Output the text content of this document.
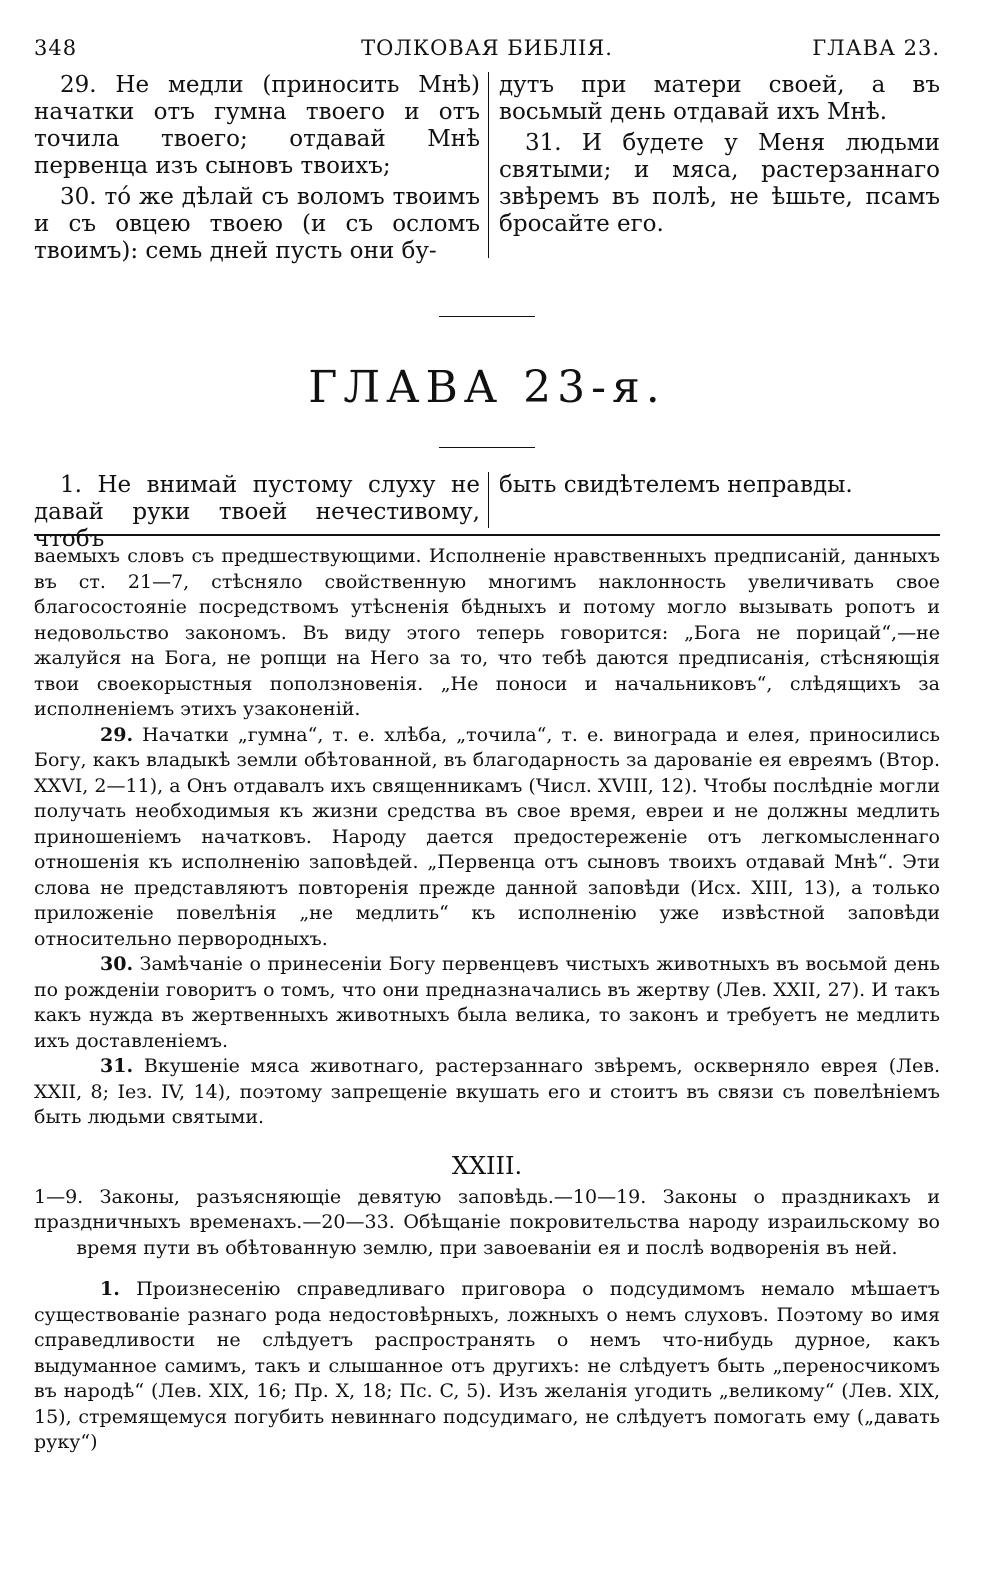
348	ТОЛКОВАЯ БИБЛІЯ.	ГЛАВА 23.

29. Не медли (приносить Мнѣ) начатки отъ гумна твоего и отъ точила твоего; отдавай Мнѣ первенца изъ сыновъ твоихъ;

30. то́ же дѣлай съ воломъ твоимъ и съ овцею твоею (и съ осломъ твоимъ): семь дней пусть они бу-

дутъ при матери своей, а въ восьмый день отдавай ихъ Мнѣ.

31. И будете у Меня людьми святыми; и мяса, растерзаннаго звѣремъ въ полѣ, не ѣшьте, псамъ бросайте его.

ГЛАВА 23-я.

1. Не внимай пустому слуху не давай руки твоей нечестивому, чтобъ

быть свидѣтелемъ неправды.

ваемыхъ словъ съ предшествующими. Исполненіе нравственныхъ предписаній, данныхъ въ ст. 21—7, стѣсняло свойственную многимъ наклонность увеличивать свое благосостояніе посредствомъ утѣсненія бѣдныхъ и потому могло вызывать ропотъ и недовольство закономъ. Въ виду этого теперь говорится: „Бога не порицай“,—не жалуйся на Бога, не ропщи на Него за то, что тебѣ даются предписанія, стѣсняющія твои своекорыстныя поползновенія. „Не поноси и начальниковъ“, слѣдящихъ за исполненіемъ этихъ узаконеній.

29. Начатки „гумна“, т. е. хлѣба, „точила“, т. е. винограда и елея, приносились Богу, какъ владыкѣ земли обѣтованной, въ благодарность за дарованіе ея евреямъ (Втор. XXVI, 2—11), а Онъ отдавалъ ихъ священникамъ (Числ. XVIII, 12). Чтобы послѣдніе могли получать необходимыя къ жизни средства въ свое время, евреи и не должны медлить приношеніемъ начатковъ. Народу дается предостереженіе отъ легкомысленнаго отношенія къ исполненію заповѣдей. „Первенца отъ сыновъ твоихъ отдавай Мнѣ“. Эти слова не представляютъ повторенія прежде данной заповѣди (Исх. XIII, 13), а только приложеніе повелѣнія „не медлить“ къ исполненію уже извѣстной заповѣди относительно первородныхъ.

30. Замѣчаніе о принесеніи Богу первенцевъ чистыхъ животныхъ въ восьмой день по рожденіи говоритъ о томъ, что они предназначались въ жертву (Лев. XXII, 27). И такъ какъ нужда въ жертвенныхъ животныхъ была велика, то законъ и требуетъ не медлить ихъ доставленіемъ.

31. Вкушеніе мяса животнаго, растерзаннаго звѣремъ, оскверняло еврея (Лев. XXII, 8; Іез. IV, 14), поэтому запрещеніе вкушать его и стоитъ въ связи съ повелѣніемъ быть людьми святыми.

XXIII.

1—9. Законы, разъясняющіе девятую заповѣдь.—10—19. Законы о праздникахъ и праздничныхъ временахъ.—20—33. Обѣщаніе покровительства народу израильскому во время пути въ обѣтованную землю, при завоеваніи ея и послѣ водворенія въ ней.

1. Произнесенію справедливаго приговора о подсудимомъ немало мѣшаетъ существованіе разнаго рода недостовѣрныхъ, ложныхъ о немъ слуховъ. Поэтому во имя справедливости не слѣдуетъ распространять о немъ что-нибудь дурное, какъ выдуманное самимъ, такъ и слышанное отъ другихъ: не слѣдуетъ быть „переносчикомъ въ народѣ“ (Лев. XIX, 16; Пр. X, 18; Пс. C, 5). Изъ желанія угодить „великому“ (Лев. XIX, 15), стремящемуся погубить невиннаго подсудимаго, не слѣдуетъ помогать ему („давать руку“)
